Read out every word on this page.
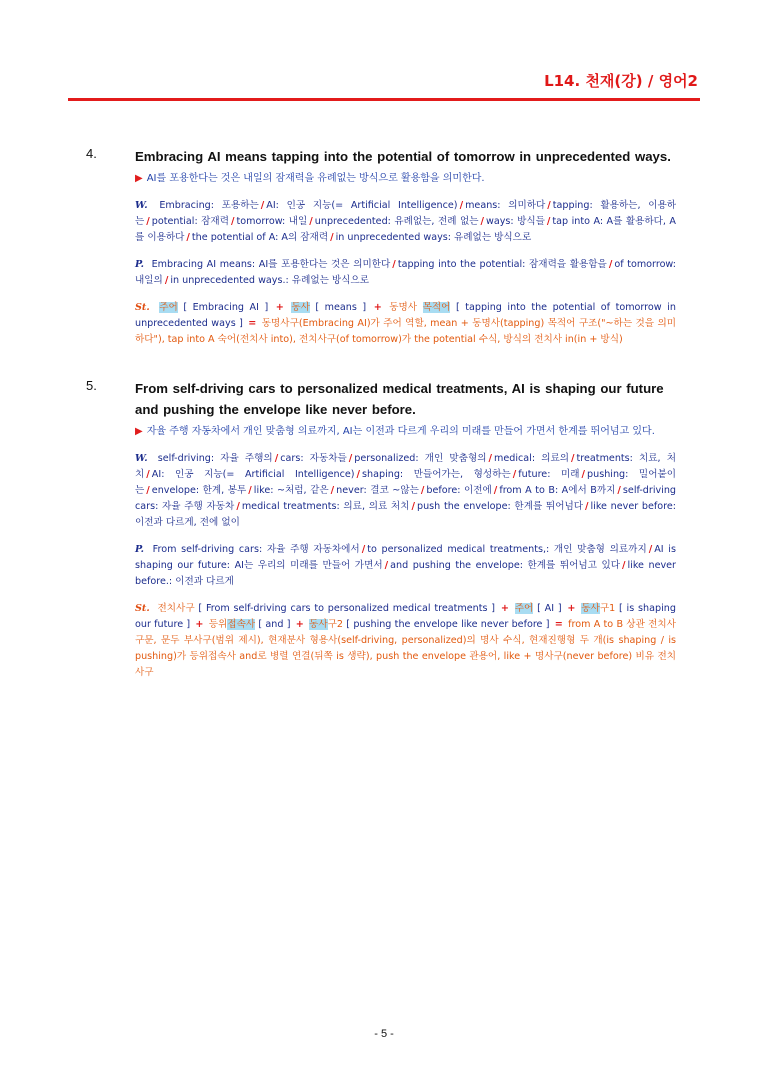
L14. 천재(강) / 영어2
4.	Embracing AI means tapping into the potential of tomorrow in unprecedented ways.
▶ AI를 포용한다는 것은 내일의 잠재력을 유례없는 방식으로 활용함을 의미한다.
W. Embracing: 포용하는 / AI: 인공 지능(= Artificial Intelligence) / means: 의미하다 / tapping: 활용하는, 이용하는 / potential: 잠재력 / tomorrow: 내일 / unprecedented: 유례없는, 전례 없는 / ways: 방식들 / tap into A: A를 활용하다, A를 이용하다 / the potential of A: A의 잠재력 / in unprecedented ways: 유례없는 방식으로
P. Embracing AI means: AI를 포용한다는 것은 의미한다 / tapping into the potential: 잠재력을 활용함을 / of tomorrow: 내일의 / in unprecedented ways.: 유례없는 방식으로
St. 주어 [ Embracing AI ] + 동사 [ means ] + 동명사 목적어 [ tapping into the potential of tomorrow in unprecedented ways ] = 동명사구(Embracing AI)가 주어 역할, mean + 동명사(tapping) 목적어 구조("~하는 것을 의미하다"), tap into A 숙어(전치사 into), 전치사구(of tomorrow)가 the potential 수식, 방식의 전치사 in(in + 방식)
5.	From self-driving cars to personalized medical treatments, AI is shaping our future and pushing the envelope like never before.
▶ 자율 주행 자동차에서 개인 맞춤형 의료까지, AI는 이전과 다르게 우리의 미래를 만들어 가면서 한계를 뛰어넘고 있다.
W. self-driving: 자율 주행의 / cars: 자동차들 / personalized: 개인 맞춤형의 / medical: 의료의 / treatments: 치료, 처치 / AI: 인공 지능(= Artificial Intelligence) / shaping: 만들어가는, 형성하는 / future: 미래 / pushing: 밀어붙이는 / envelope: 한계, 봉투 / like: ~처럼, 같은 / never: 결코 ~않는 / before: 이전에 / from A to B: A에서 B까지 / self-driving cars: 자율 주행 자동차 / medical treatments: 의료, 의료 처치 / push the envelope: 한계를 뛰어넘다 / like never before: 이전과 다르게, 전에 없이
P. From self-driving cars: 자율 주행 자동차에서 / to personalized medical treatments,: 개인 맞춤형 의료까지 / AI is shaping our future: AI는 우리의 미래를 만들어 가면서 / and pushing the envelope: 한계를 뛰어넘고 있다 / like never before.: 이전과 다르게
St. 전치사구 [ From self-driving cars to personalized medical treatments ] + 주어 [ AI ] + 동사구1 [ is shaping our future ] + 등위접속사 [ and ] + 동사구2 [ pushing the envelope like never before ] = from A to B 상관 전치사 구문, 문두 부사구(범위 제시), 현재분사 형용사(self-driving, personalized)의 명사 수식, 현재진행형 두 개(is shaping / is pushing)가 등위접속사 and로 병렬 연결(뒤쪽 is 생략), push the envelope 관용어, like + 명사구(never before) 비유 전치사구
- 5 -
